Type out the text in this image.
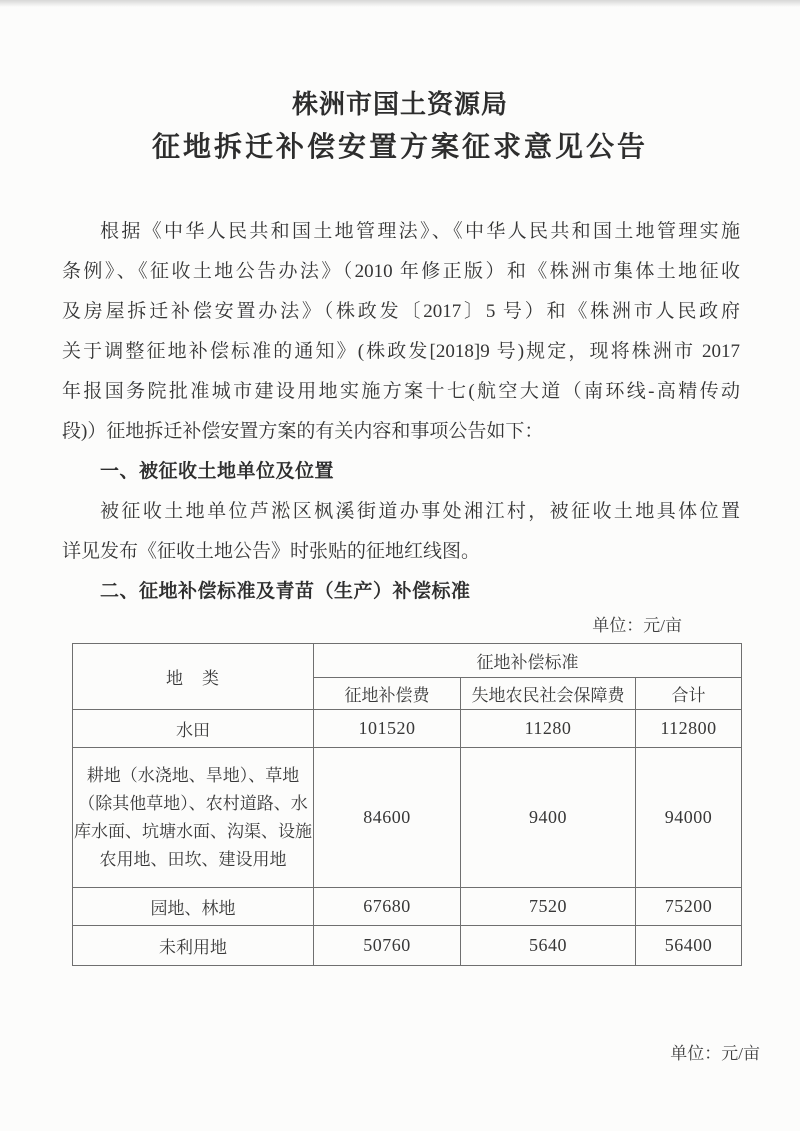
株洲市国土资源局
征地拆迁补偿安置方案征求意见公告
根据《中华人民共和国土地管理法》、《中华人民共和国土地管理实施
条例》、《征收土地公告办法》（2010 年修正版）和《株洲市集体土地征收
及房屋拆迁补偿安置办法》（株政发〔2017〕5 号）和《株洲市人民政府
关于调整征地补偿标准的通知》(株政发[2018]9 号)规定，现将株洲市 2017
年报国务院批准城市建设用地实施方案十七(航空大道（南环线-高精传动
段)）征地拆迁补偿安置方案的有关内容和事项公告如下：
一、被征收土地单位及位置
被征收土地单位芦淞区枫溪街道办事处湘江村，被征收土地具体位置
详见发布《征收土地公告》时张贴的征地红线图。
二、征地补偿标准及青苗（生产）补偿标准
单位：元/亩
地　类	征地补偿标准		
	征地补偿费	失地农民社会保障费	合计
水田	101520	11280	112800
耕地（水浇地、旱地）、草地（除其他草地）、农村道路、水库水面、坑塘水面、沟渠、设施农用地、田坎、建设用地	84600	9400	94000
园地、林地	67680	7520	75200
未利用地	50760	5640	56400
单位：元/亩
